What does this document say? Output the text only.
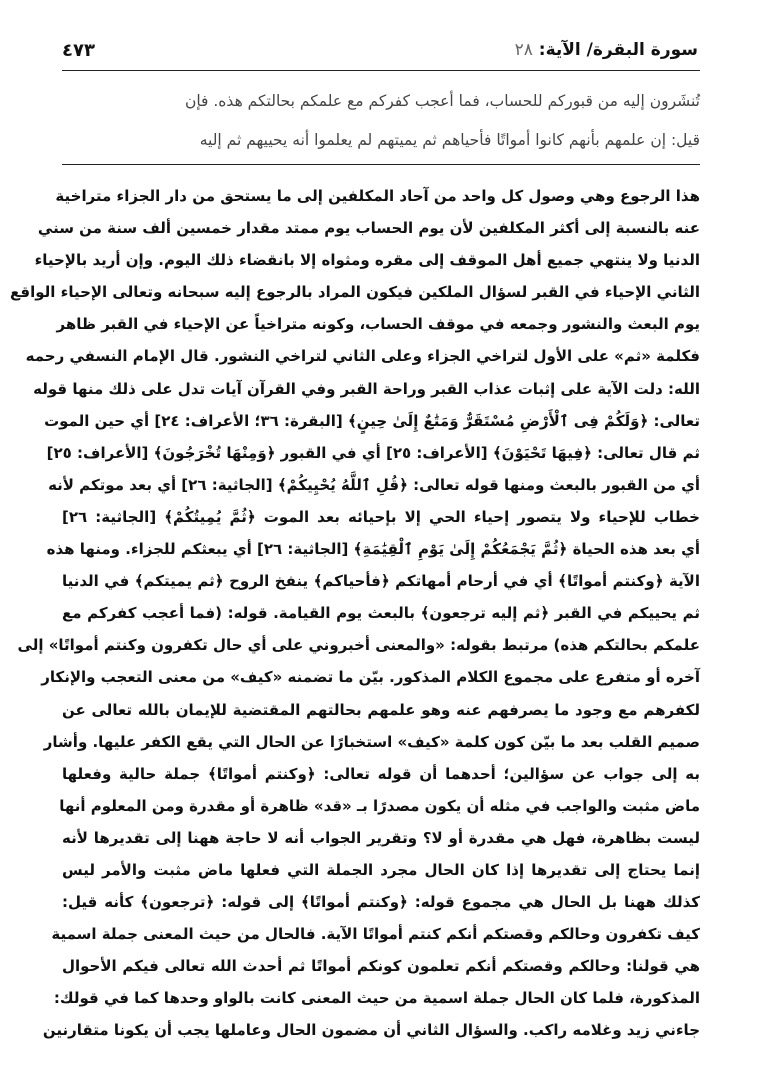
سورة البقرة/ الآية: ٢٨
٤٧٣
تُنشَرون إليه من قبوركم للحساب، فما أعجب كفركم مع علمكم بحالتكم هذه. فإن
قيل: إن علمهم بأنهم كانوا أمواتًا فأحياهم ثم يميتهم لم يعلموا أنه يحييهم ثم إليه
هذا الرجوع وهي وصول كل واحد من آحاد المكلفين إلى ما يستحق من دار الجزاء متراخية
عنه بالنسبة إلى أكثر المكلفين لأن يوم الحساب يوم ممتد مقدار خمسين ألف سنة من سني
الدنيا ولا ينتهي جميع أهل الموقف إلى مقره ومثواه إلا بانقضاء ذلك اليوم. وإن أريد بالإحياء
الثاني الإحياء في القبر لسؤال الملكين فيكون المراد بالرجوع إليه سبحانه وتعالى الإحياء الواقع
يوم البعث والنشور وجمعه في موقف الحساب، وكونه متراخياً عن الإحياء في القبر ظاهر
فكلمة «ثم» على الأول لتراخي الجزاء وعلى الثاني لتراخي النشور. قال الإمام النسفي رحمه
الله: دلت الآية على إثبات عذاب القبر وراحة القبر وفي القرآن آيات تدل على ذلك منها قوله
تعالى: ﴿وَلَكُمْ فِى ٱلْأَرْضِ مُسْتَقَرٌّ وَمَتَٰعٌ إِلَىٰ حِينٍ﴾ [البقرة: ٣٦؛ الأعراف: ٢٤] أي حين الموت
ثم قال تعالى: ﴿فِيهَا تَحْيَوْنَ﴾ [الأعراف: ٢٥] أي في القبور ﴿وَمِنْهَا تُخْرَجُونَ﴾ [الأعراف: ٢٥]
أي من القبور بالبعث ومنها قوله تعالى: ﴿قُلِ ٱللَّهُ يُحْيِيكُمْ﴾ [الجاثية: ٢٦] أي بعد موتكم لأنه
خطاب للإحياء ولا يتصور إحياء الحي إلا بإحيائه بعد الموت ﴿ثُمَّ يُمِيتُكُمْ﴾ [الجاثية: ٢٦]
أي بعد هذه الحياة ﴿ثُمَّ يَجْمَعُكُمْ إِلَىٰ يَوْمِ ٱلْقِيَٰمَةِ﴾ [الجاثية: ٢٦] أي يبعثكم للجزاء. ومنها هذه
الآية ﴿وكنتم أمواتًا﴾ أي في أرحام أمهاتكم ﴿فأحياكم﴾ ينفخ الروح ﴿ثم يميتكم﴾ في الدنيا
ثم يحييكم في القبر ﴿ثم إليه ترجعون﴾ بالبعث يوم القيامة. قوله: (فما أعجب كفركم مع
علمكم بحالتكم هذه) مرتبط بقوله: «والمعنى أخبروني على أي حال تكفرون وكنتم أمواتًا» إلى
آخره أو متفرع على مجموع الكلام المذكور. بيّن ما تضمنه «كيف» من معنى التعجب والإنكار
لكفرهم مع وجود ما يصرفهم عنه وهو علمهم بحالتهم المقتضية للإيمان بالله تعالى عن
صميم القلب بعد ما بيّن كون كلمة «كيف» استخبارًا عن الحال التي يقع الكفر عليها. وأشار
به إلى جواب عن سؤالين؛ أحدهما أن قوله تعالى: ﴿وكنتم أمواتًا﴾ جملة حالية وفعلها
ماض مثبت والواجب في مثله أن يكون مصدرًا بـ «قد» ظاهرة أو مقدرة ومن المعلوم أنها
ليست بظاهرة، فهل هي مقدرة أو لا؟ وتقرير الجواب أنه لا حاجة ههنا إلى تقديرها لأنه
إنما يحتاج إلى تقديرها إذا كان الحال مجرد الجملة التي فعلها ماض مثبت والأمر ليس
كذلك ههنا بل الحال هي مجموع قوله: ﴿وكنتم أمواتًا﴾ إلى قوله: ﴿ترجعون﴾ كأنه قيل:
كيف تكفرون وحالكم وقصتكم أنكم كنتم أمواتًا الآية. فالحال من حيث المعنى جملة اسمية
هي قولنا: وحالكم وقصتكم أنكم تعلمون كونكم أمواتًا ثم أحدث الله تعالى فيكم الأحوال
المذكورة، فلما كان الحال جملة اسمية من حيث المعنى كانت بالواو وحدها كما في قولك:
جاءني زيد وغلامه راكب. والسؤال الثاني أن مضمون الحال وعاملها يجب أن يكونا متقارنين
